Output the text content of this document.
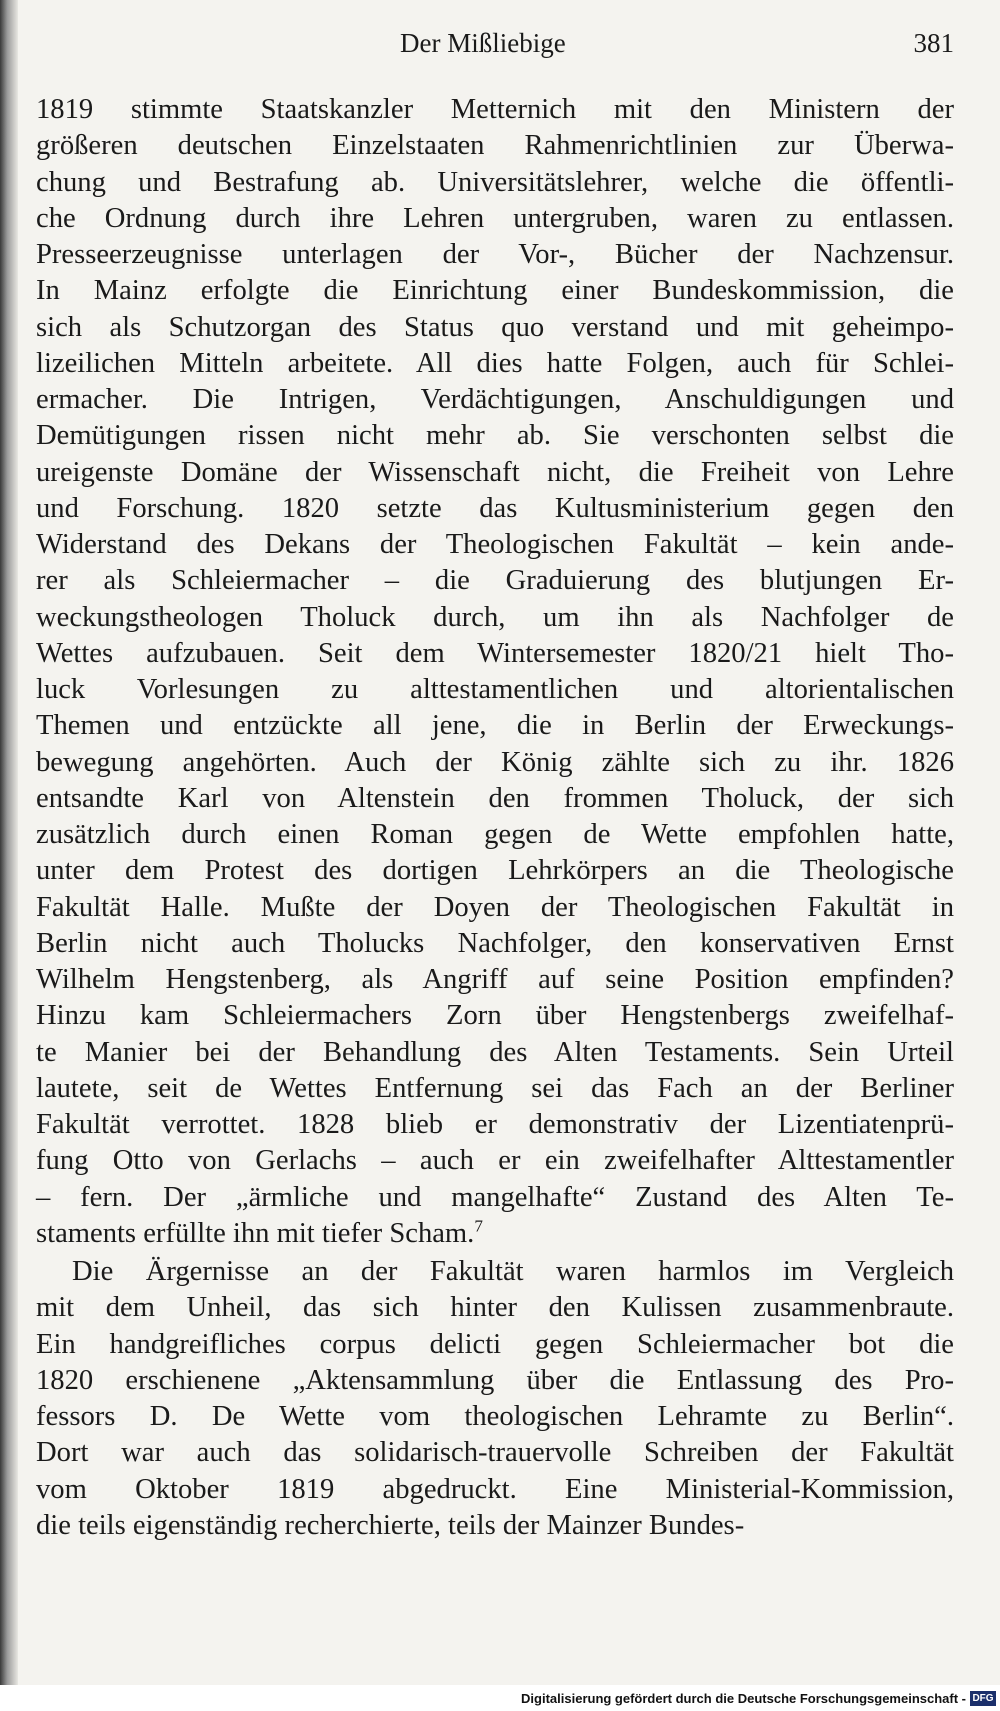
Der Mißliebige	381
1819 stimmte Staatskanzler Metternich mit den Ministern der
größeren deutschen Einzelstaaten Rahmenrichtlinien zur Überwa-
chung und Bestrafung ab. Universitätslehrer, welche die öffentli-
che Ordnung durch ihre Lehren untergruben, waren zu entlassen.
Presseerzeugnisse unterlagen der Vor-, Bücher der Nachzensur.
In Mainz erfolgte die Einrichtung einer Bundeskommission, die
sich als Schutzorgan des Status quo verstand und mit geheimpo-
lizeilichen Mitteln arbeitete. All dies hatte Folgen, auch für Schlei-
ermacher. Die Intrigen, Verdächtigungen, Anschuldigungen und
Demütigungen rissen nicht mehr ab. Sie verschonten selbst die
ureigenste Domäne der Wissenschaft nicht, die Freiheit von Lehre
und Forschung. 1820 setzte das Kultusministerium gegen den
Widerstand des Dekans der Theologischen Fakultät – kein ande-
rer als Schleiermacher – die Graduierung des blutjungen Er-
weckungstheologen Tholuck durch, um ihn als Nachfolger de
Wettes aufzubauen. Seit dem Wintersemester 1820/21 hielt Tho-
luck Vorlesungen zu alttestamentlichen und altorientalischen
Themen und entzückte all jene, die in Berlin der Erweckungs-
bewegung angehörten. Auch der König zählte sich zu ihr. 1826
entsandte Karl von Altenstein den frommen Tholuck, der sich
zusätzlich durch einen Roman gegen de Wette empfohlen hatte,
unter dem Protest des dortigen Lehrkörpers an die Theologische
Fakultät Halle. Mußte der Doyen der Theologischen Fakultät in
Berlin nicht auch Tholucks Nachfolger, den konservativen Ernst
Wilhelm Hengstenberg, als Angriff auf seine Position empfinden?
Hinzu kam Schleiermachers Zorn über Hengstenbergs zweifelhaf-
te Manier bei der Behandlung des Alten Testaments. Sein Urteil
lautete, seit de Wettes Entfernung sei das Fach an der Berliner
Fakultät verrottet. 1828 blieb er demonstrativ der Lizentiatenprü-
fung Otto von Gerlachs – auch er ein zweifelhafter Alttestamentler
– fern. Der „ärmliche und mangelhafte“ Zustand des Alten Te-
staments erfüllte ihn mit tiefer Scham.$^7$
Die Ärgernisse an der Fakultät waren harmlos im Vergleich
mit dem Unheil, das sich hinter den Kulissen zusammenbraute.
Ein handgreifliches corpus delicti gegen Schleiermacher bot die
1820 erschienene „Aktensammlung über die Entlassung des Pro-
fessors D. De Wette vom theologischen Lehramte zu Berlin“.
Dort war auch das solidarisch-trauervolle Schreiben der Fakultät
vom Oktober 1819 abgedruckt. Eine Ministerial-Kommission,
die teils eigenständig recherchierte, teils der Mainzer Bundes-
Digitalisierung gefördert durch die Deutsche Forschungsgemeinschaft - DFG
